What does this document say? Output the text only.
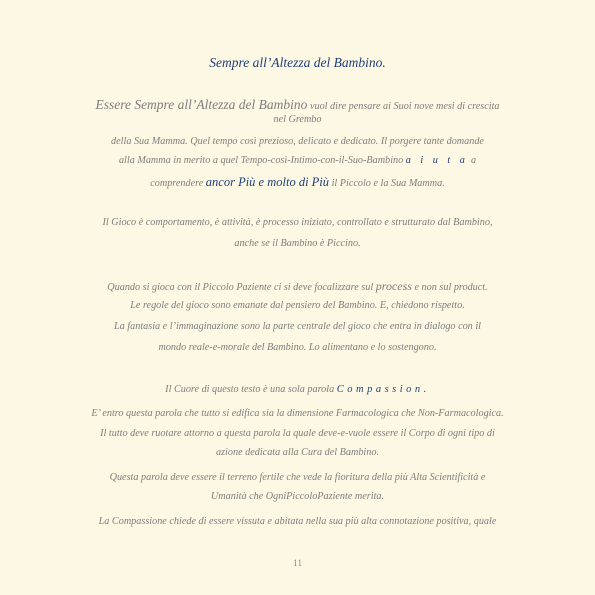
Sempre all’Altezza del Bambino.
Essere Sempre all’Altezza del Bambino vuol dire pensare ai Suoi nove mesi di crescita
nel Grembo
della Sua Mamma. Quel tempo così prezioso, delicato e dedicato. Il porgere tante domande
alla Mamma in merito a quel Tempo-così-Intimo-con-il-Suo-Bambino a i u t a a
comprendere ancor Più e molto di Più il Piccolo e la Sua Mamma.
Il Gioco è comportamento, è attività, è processo iniziato, controllato e strutturato dal Bambino,
anche se il Bambino è Piccino.
Quando si gioca con il Piccolo Paziente ci si deve focalizzare sul process e non sul product.
Le regole del gioco sono emanate dal pensiero del Bambino. E, chiedono rispetto.
La fantasia e l’immaginazione sono la parte centrale del gioco che entra in dialogo con il
mondo reale-e-morale del Bambino. Lo alimentano e lo sostengono.
Il Cuore di questo testo è una sola parola Compassion.
E’ entro questa parola che tutto si edifica sia la dimensione Farmacologica che Non-Farmacologica.
Il tutto deve ruotare attorno a questa parola la quale deve-e-vuole essere il Corpo di ogni tipo di
azione dedicata alla Cura del Bambino.
Questa parola deve essere il terreno fertile che vede la fioritura della più Alta Scientificità e
Umanità che OgniPiccoloPaziente merita.
La Compassione chiede di essere vissuta e abitata nella sua più alta connotazione positiva, quale
11
